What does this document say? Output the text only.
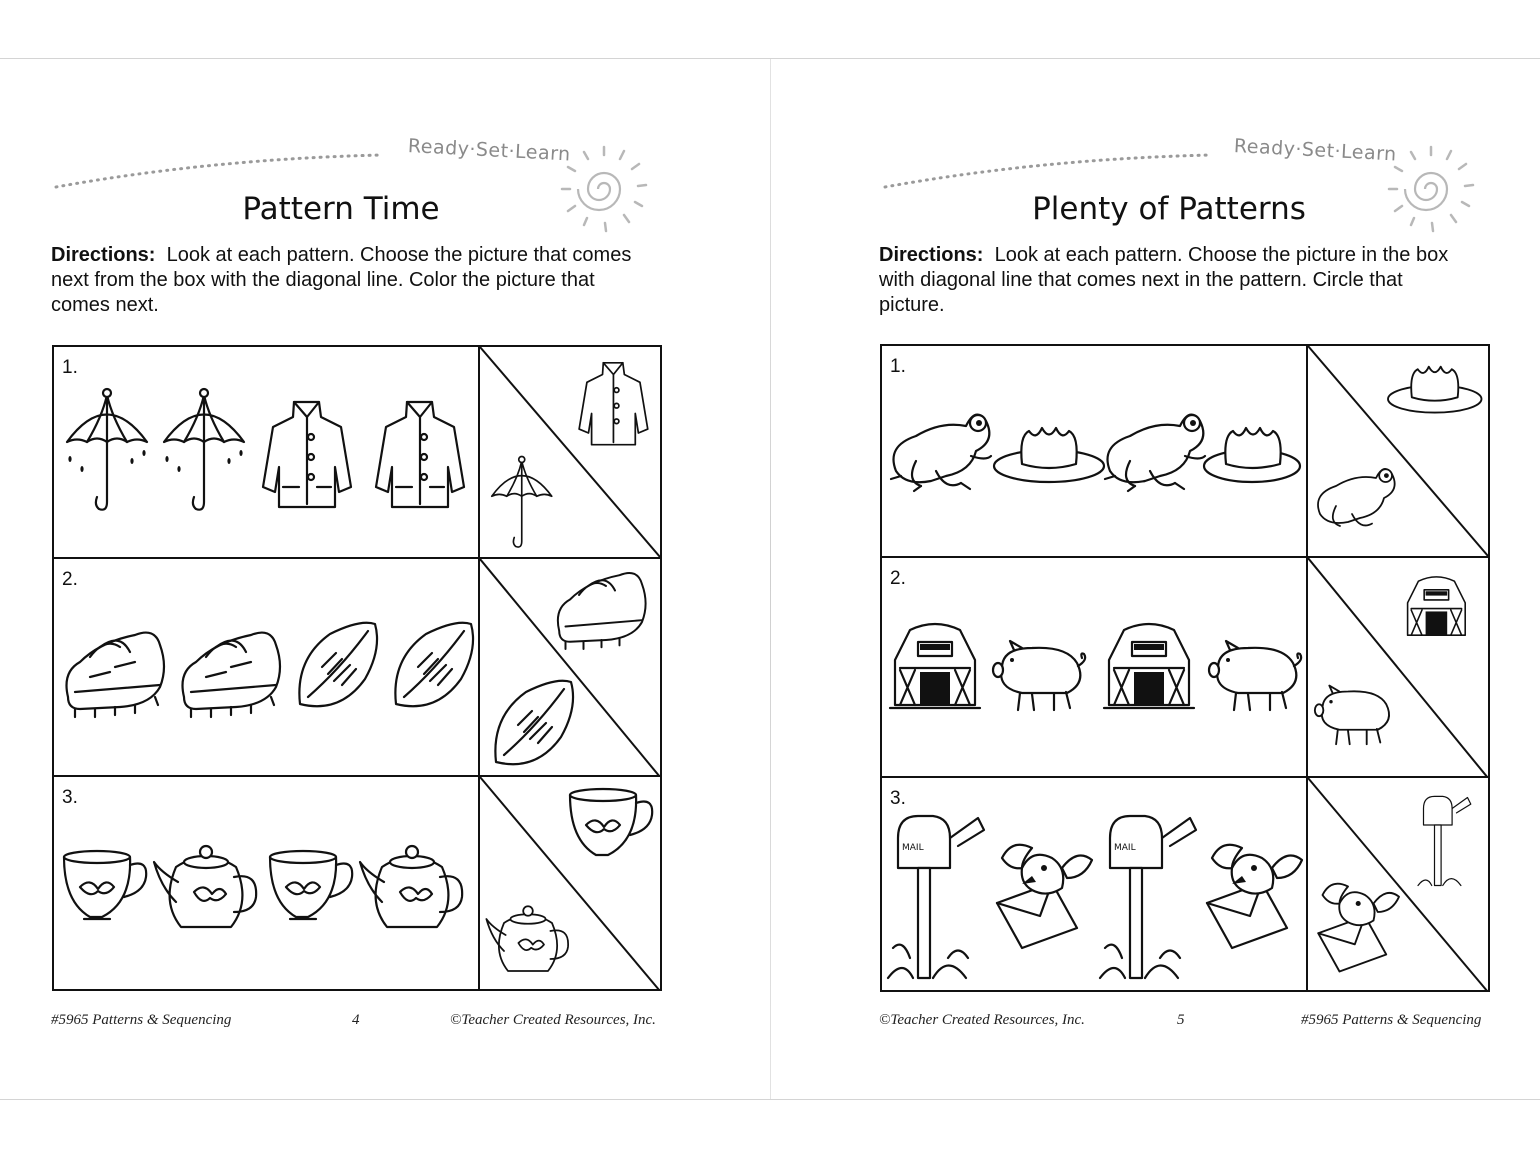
Ready·Set·Learn
Pattern Time
Directions: Look at each pattern. Choose the picture that comes next from the box with the diagonal line. Color the picture that comes next.
1.
2.
3.
#5965 Patterns & Sequencing	4	©Teacher Created Resources, Inc.
Ready·Set·Learn
Plenty of Patterns
Directions: Look at each pattern. Choose the picture in the box with diagonal line that comes next in the pattern. Circle that picture.
1.
2.
3.
MAIL	MAIL
©Teacher Created Resources, Inc.	5	#5965 Patterns & Sequencing
